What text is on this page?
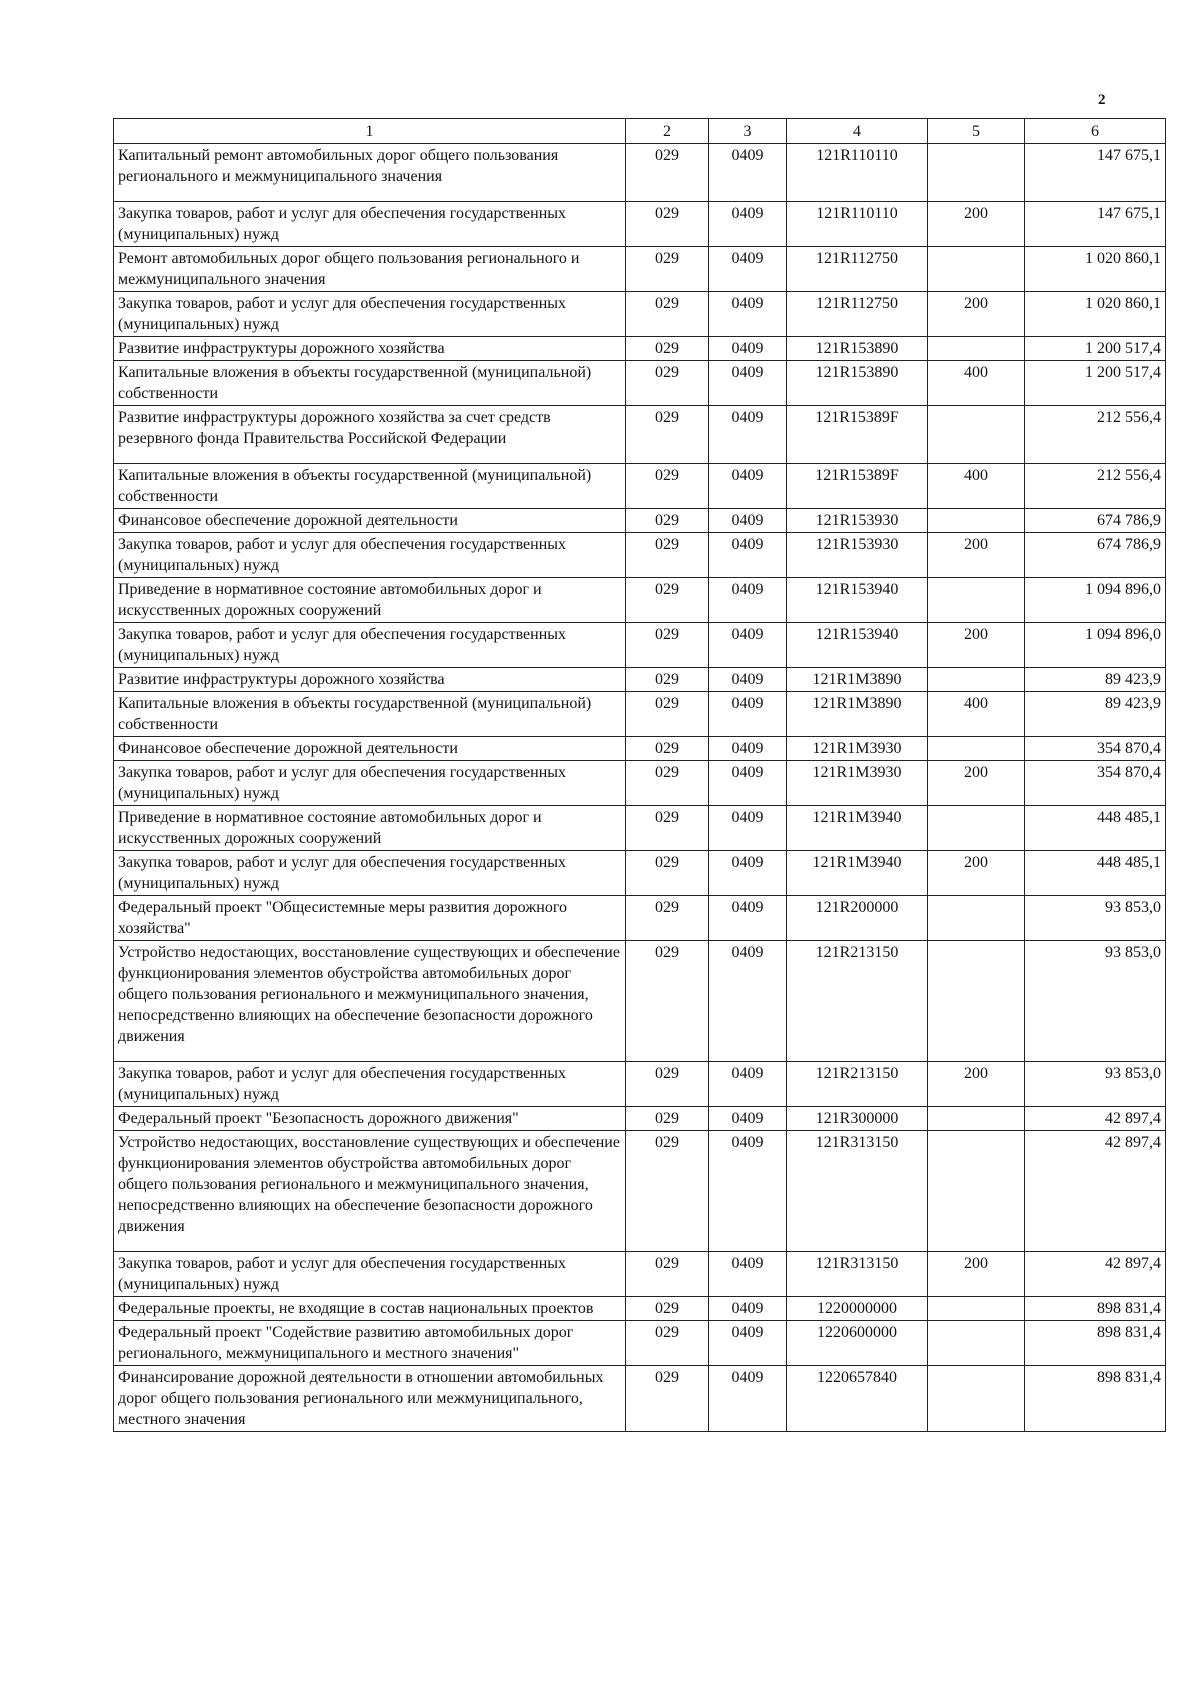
2
1	2	3	4	5	6
Капитальный ремонт автомобильных дорог общего пользования регионального и межмуниципального значения	029	0409	121R110110		147 675,1
Закупка товаров, работ и услуг для обеспечения государственных (муниципальных) нужд	029	0409	121R110110	200	147 675,1
Ремонт автомобильных дорог общего пользования регионального и межмуниципального значения	029	0409	121R112750		1 020 860,1
Закупка товаров, работ и услуг для обеспечения государственных (муниципальных) нужд	029	0409	121R112750	200	1 020 860,1
Развитие инфраструктуры дорожного хозяйства	029	0409	121R153890		1 200 517,4
Капитальные вложения в объекты государственной (муниципальной) собственности	029	0409	121R153890	400	1 200 517,4
Развитие инфраструктуры дорожного хозяйства за счет средств резервного фонда Правительства Российской Федерации	029	0409	121R15389F		212 556,4
Капитальные вложения в объекты государственной (муниципальной) собственности	029	0409	121R15389F	400	212 556,4
Финансовое обеспечение дорожной деятельности	029	0409	121R153930		674 786,9
Закупка товаров, работ и услуг для обеспечения государственных (муниципальных) нужд	029	0409	121R153930	200	674 786,9
Приведение в нормативное состояние автомобильных дорог и искусственных дорожных сооружений	029	0409	121R153940		1 094 896,0
Закупка товаров, работ и услуг для обеспечения государственных (муниципальных) нужд	029	0409	121R153940	200	1 094 896,0
Развитие инфраструктуры дорожного хозяйства	029	0409	121R1M3890		89 423,9
Капитальные вложения в объекты государственной (муниципальной) собственности	029	0409	121R1M3890	400	89 423,9
Финансовое обеспечение дорожной деятельности	029	0409	121R1M3930		354 870,4
Закупка товаров, работ и услуг для обеспечения государственных (муниципальных) нужд	029	0409	121R1M3930	200	354 870,4
Приведение в нормативное состояние автомобильных дорог и искусственных дорожных сооружений	029	0409	121R1M3940		448 485,1
Закупка товаров, работ и услуг для обеспечения государственных (муниципальных) нужд	029	0409	121R1M3940	200	448 485,1
Федеральный проект "Общесистемные меры развития дорожного хозяйства"	029	0409	121R200000		93 853,0
Устройство недостающих, восстановление существующих и обеспечение функционирования элементов обустройства автомобильных дорог общего пользования регионального и межмуниципального значения, непосредственно влияющих на обеспечение безопасности дорожного движения	029	0409	121R213150		93 853,0
Закупка товаров, работ и услуг для обеспечения государственных (муниципальных) нужд	029	0409	121R213150	200	93 853,0
Федеральный проект "Безопасность дорожного движения"	029	0409	121R300000		42 897,4
Устройство недостающих, восстановление существующих и обеспечение функционирования элементов обустройства автомобильных дорог общего пользования регионального и межмуниципального значения, непосредственно влияющих на обеспечение безопасности дорожного движения	029	0409	121R313150		42 897,4
Закупка товаров, работ и услуг для обеспечения государственных (муниципальных) нужд	029	0409	121R313150	200	42 897,4
Федеральные проекты, не входящие в состав национальных проектов	029	0409	1220000000		898 831,4
Федеральный проект "Содействие развитию автомобильных дорог регионального, межмуниципального и местного значения"	029	0409	1220600000		898 831,4
Финансирование дорожной деятельности в отношении автомобильных дорог общего пользования регионального или межмуниципального, местного значения	029	0409	1220657840		898 831,4
